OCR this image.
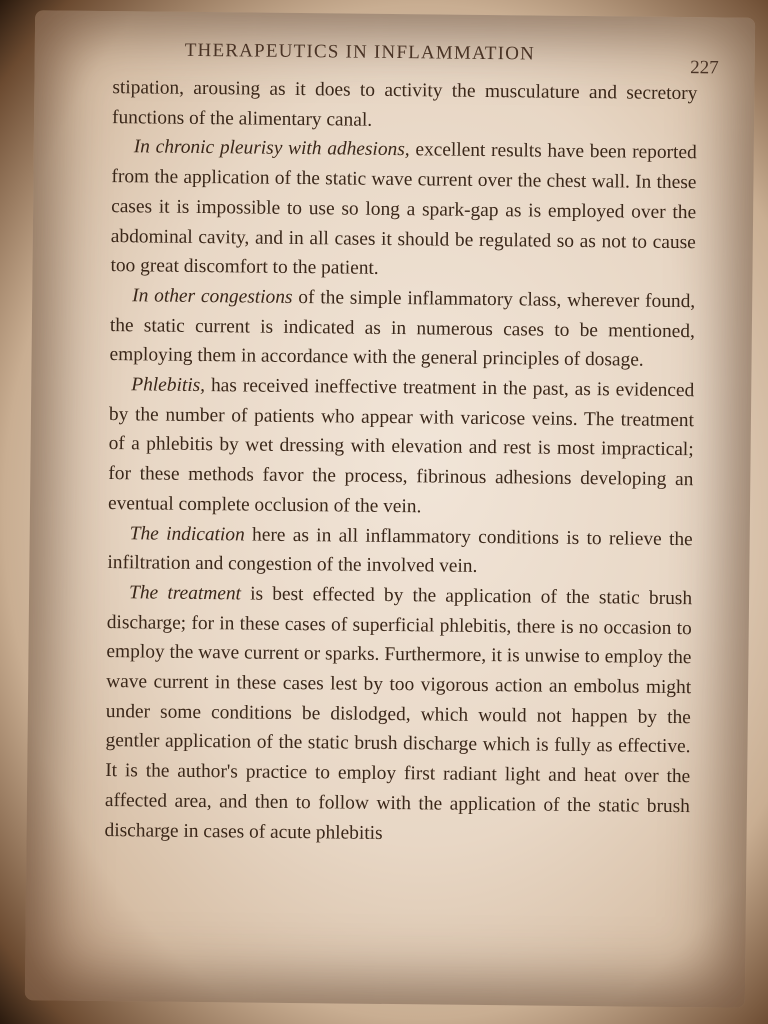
THERAPEUTICS IN INFLAMMATION
227

stipation, arousing as it does to activity the musculature and secretory functions of the alimentary canal.

In chronic pleurisy with adhesions, excellent results have been reported from the application of the static wave current over the chest wall. In these cases it is impossible to use so long a spark-gap as is employed over the abdominal cavity, and in all cases it should be regulated so as not to cause too great discomfort to the patient.

In other congestions of the simple inflammatory class, wherever found, the static current is indicated as in numerous cases to be mentioned, employing them in accordance with the general principles of dosage.

Phlebitis, has received ineffective treatment in the past, as is evidenced by the number of patients who appear with varicose veins. The treatment of a phlebitis by wet dressing with elevation and rest is most impractical; for these methods favor the process, fibrinous adhesions developing an eventual complete occlusion of the vein.

The indication here as in all inflammatory conditions is to relieve the infiltration and congestion of the involved vein.

The treatment is best effected by the application of the static brush discharge; for in these cases of superficial phlebitis, there is no occasion to employ the wave current or sparks. Furthermore, it is unwise to employ the wave current in these cases lest by too vigorous action an embolus might under some conditions be dislodged, which would not happen by the gentler application of the static brush discharge which is fully as effective. It is the author's practice to employ first radiant light and heat over the affected area, and then to follow with the application of the static brush discharge in cases of acute phlebitis
